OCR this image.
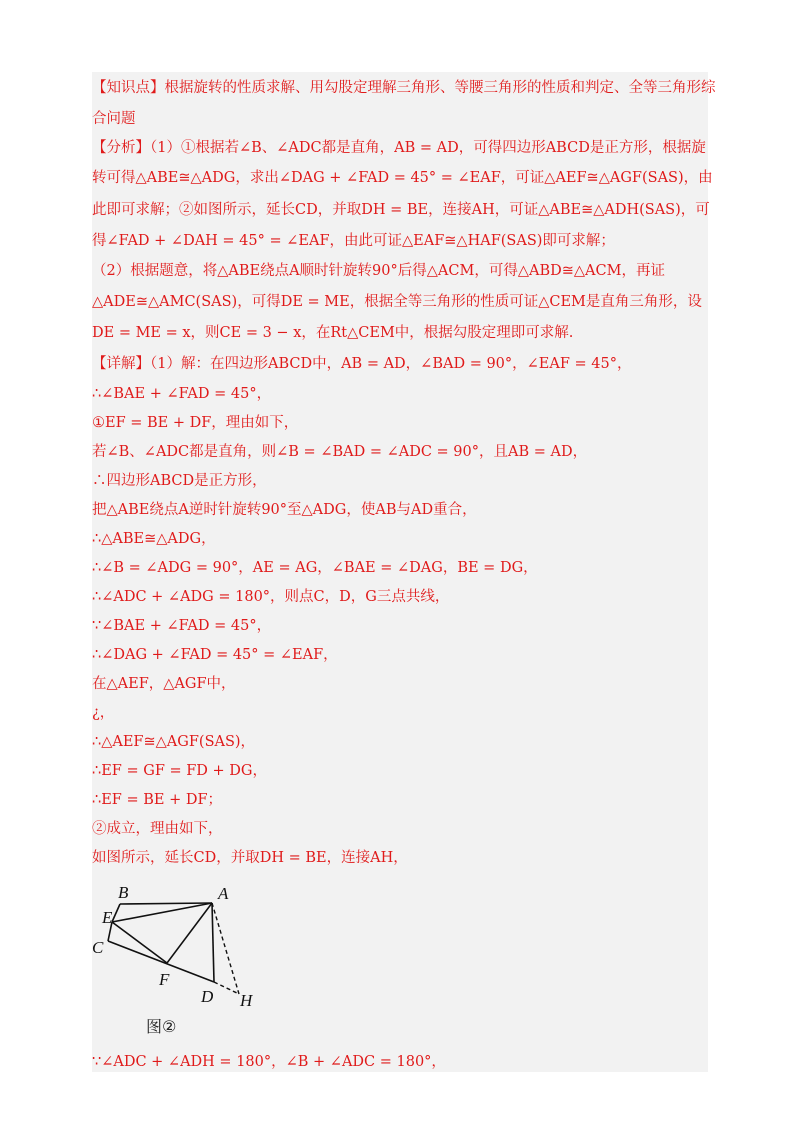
【知识点】根据旋转的性质求解、用勾股定理解三角形、等腰三角形的性质和判定、全等三角形综
合问题
【分析】（1）①根据若∠B、∠ADC都是直角，AB = AD，可得四边形ABCD是正方形，根据旋
转可得△ABE≅△ADG，求出∠DAG + ∠FAD = 45° = ∠EAF，可证△AEF≅△AGF(SAS)，由
此即可求解；②如图所示，延长CD，并取DH = BE，连接AH，可证△ABE≅△ADH(SAS)，可
得∠FAD + ∠DAH = 45° = ∠EAF，由此可证△EAF≅△HAF(SAS)即可求解；
（2）根据题意，将△ABE绕点A顺时针旋转90°后得△ACM，可得△ABD≅△ACM，再证
△ADE≅△AMC(SAS)，可得DE = ME，根据全等三角形的性质可证△CEM是直角三角形，设
DE = ME = x，则CE = 3 − x，在Rt△CEM中，根据勾股定理即可求解.
【详解】（1）解：在四边形ABCD中，AB = AD，∠BAD = 90°，∠EAF = 45°，
∴∠BAE + ∠FAD = 45°，
①EF = BE + DF，理由如下，
若∠B、∠ADC都是直角，则∠B = ∠BAD = ∠ADC = 90°，且AB = AD，
∴四边形ABCD是正方形，
把△ABE绕点A逆时针旋转90°至△ADG，使AB与AD重合，
∴△ABE≅△ADG，
∴∠B = ∠ADG = 90°，AE = AG，∠BAE = ∠DAG，BE = DG，
∴∠ADC + ∠ADG = 180°，则点C，D，G三点共线，
∵∠BAE + ∠FAD = 45°，
∴∠DAG + ∠FAD = 45° = ∠EAF，
在△AEF，△AGF中，
¿，
∴△AEF≅△AGF(SAS)，
∴EF = GF = FD + DG，
∴EF = BE + DF；
②成立，理由如下，
如图所示，延长CD，并取DH = BE，连接AH，
B	A
E
C
F
D H
图②
∵∠ADC + ∠ADH = 180°，∠B + ∠ADC = 180°，
